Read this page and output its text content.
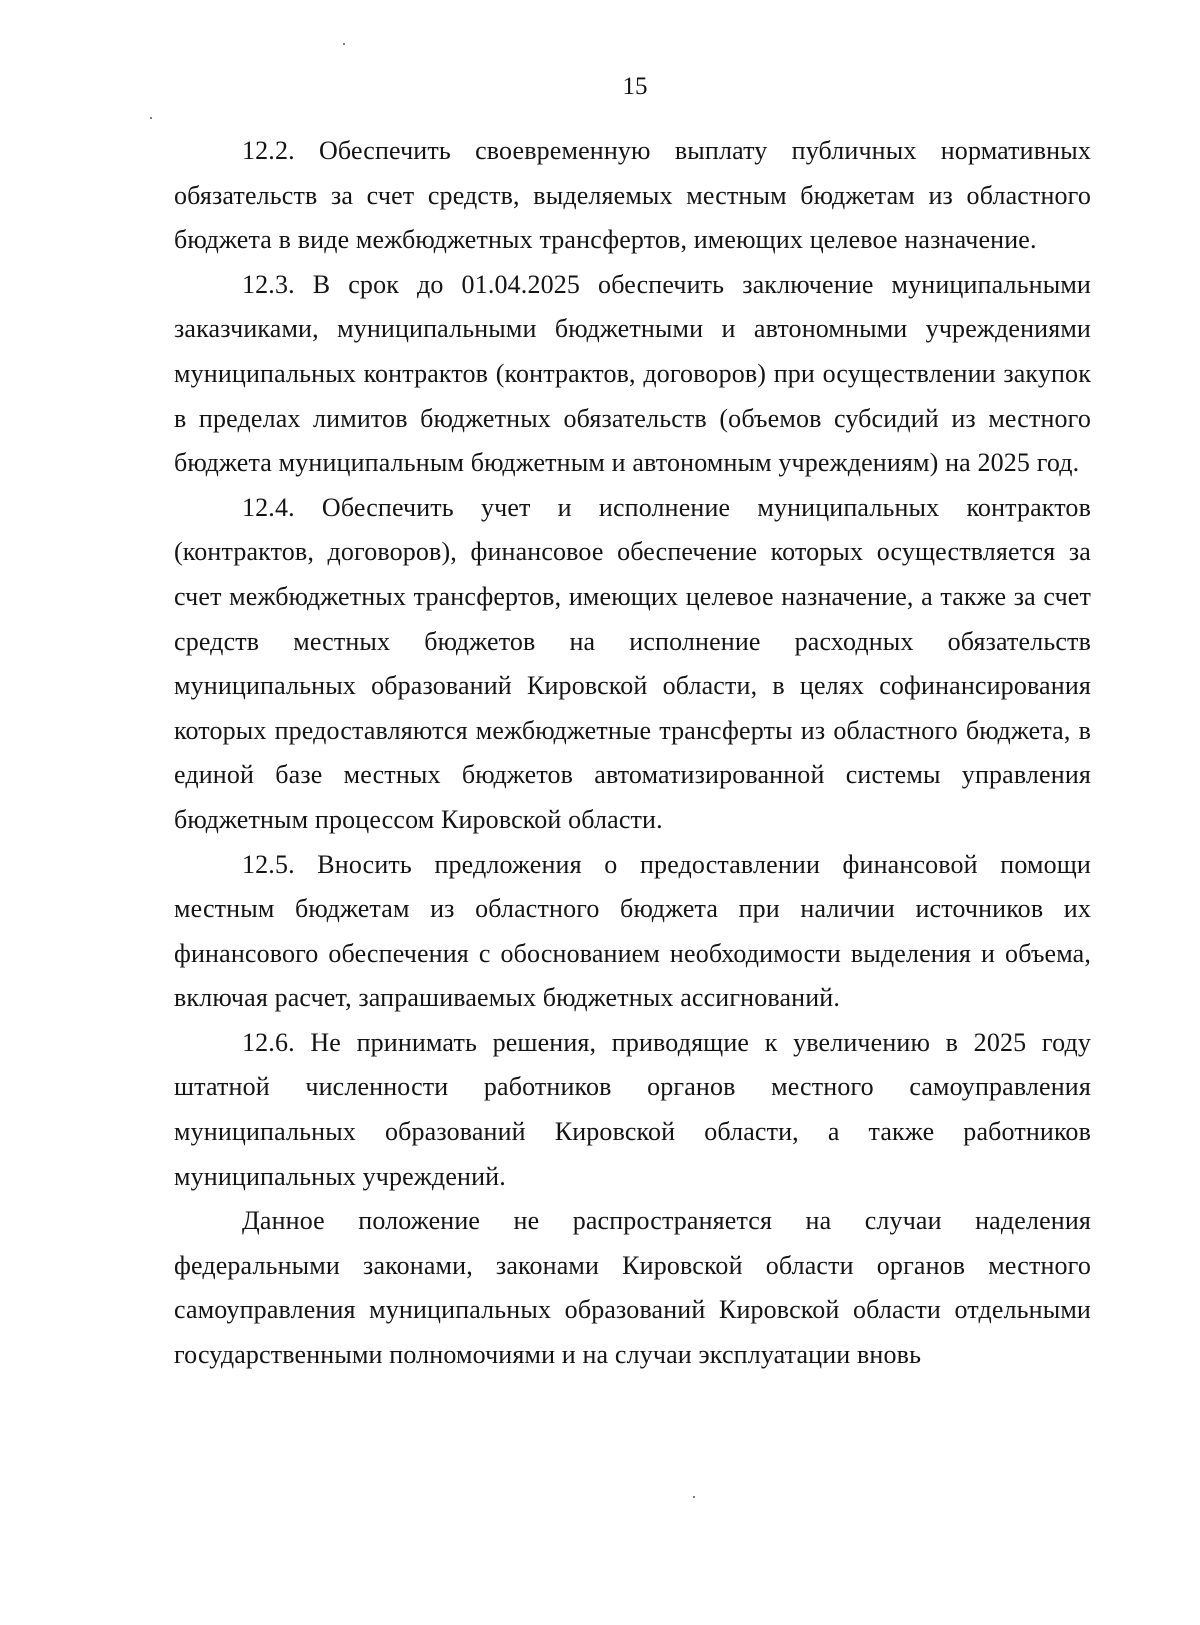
15

12.2. Обеспечить своевременную выплату публичных нормативных обязательств за счет средств, выделяемых местным бюджетам из областного бюджета в виде межбюджетных трансфертов, имеющих целевое назначение.

12.3. В срок до 01.04.2025 обеспечить заключение муниципальными заказчиками, муниципальными бюджетными и автономными учреждениями муниципальных контрактов (контрактов, договоров) при осуществлении закупок в пределах лимитов бюджетных обязательств (объемов субсидий из местного бюджета муниципальным бюджетным и автономным учреждениям) на 2025 год.

12.4. Обеспечить учет и исполнение муниципальных контрактов (контрактов, договоров), финансовое обеспечение которых осуществляется за счет межбюджетных трансфертов, имеющих целевое назначение, а также за счет средств местных бюджетов на исполнение расходных обязательств муниципальных образований Кировской области, в целях софинансирования которых предоставляются межбюджетные трансферты из областного бюджета, в единой базе местных бюджетов автоматизированной системы управления бюджетным процессом Кировской области.

12.5. Вносить предложения о предоставлении финансовой помощи местным бюджетам из областного бюджета при наличии источников их финансового обеспечения с обоснованием необходимости выделения и объема, включая расчет, запрашиваемых бюджетных ассигнований.

12.6. Не принимать решения, приводящие к увеличению в 2025 году штатной численности работников органов местного самоуправления муниципальных образований Кировской области, а также работников муниципальных учреждений.

Данное положение не распространяется на случаи наделения федеральными законами, законами Кировской области органов местного самоуправления муниципальных образований Кировской области отдельными государственными полномочиями и на случаи эксплуатации вновь
